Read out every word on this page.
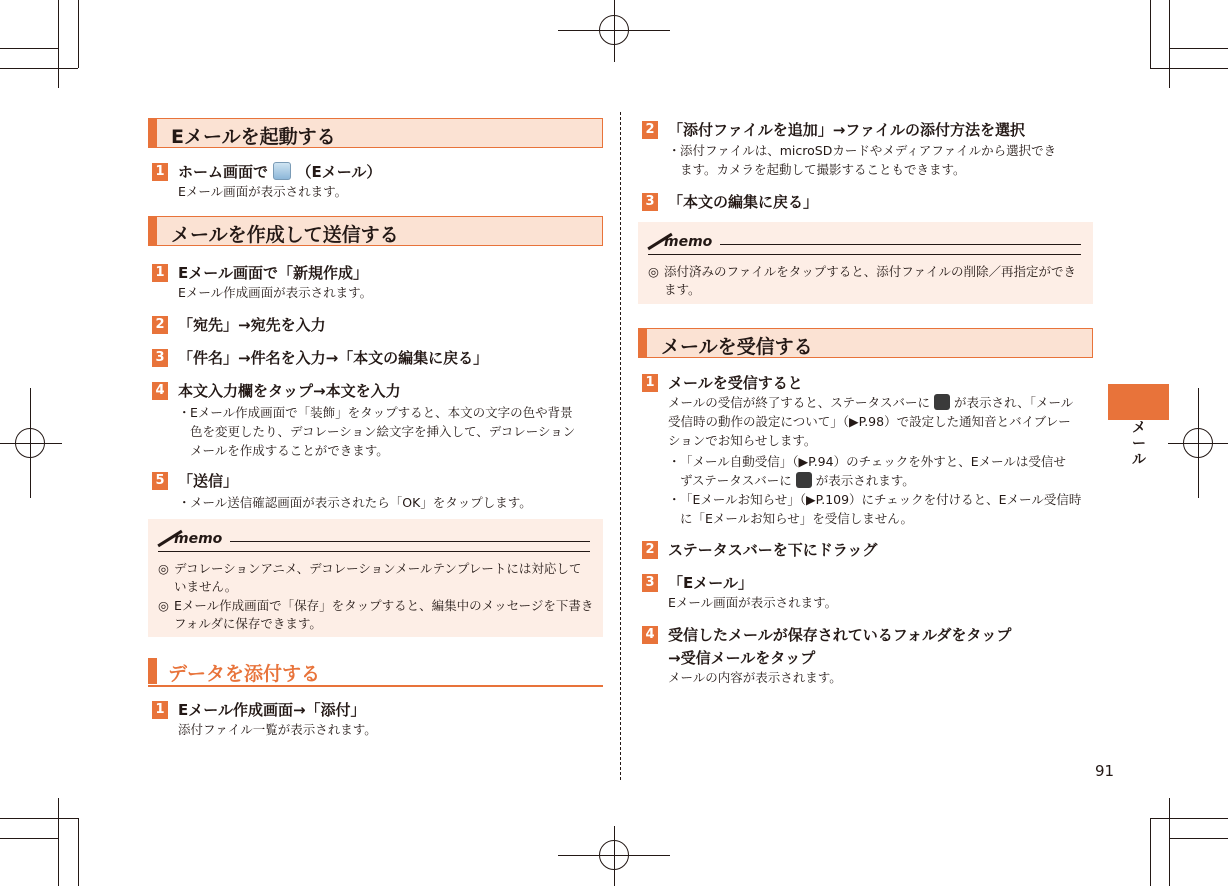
メール
91
Eメールを起動する
1 ホーム画面で （Eメール）
Eメール画面が表示されます。
メールを作成して送信する
1 Eメール画面で「新規作成」
Eメール作成画面が表示されます。
2 「宛先」→宛先を入力
3 「件名」→件名を入力→「本文の編集に戻る」
4 本文入力欄をタップ→本文を入力
・ Eメール作成画面で「装飾」をタップすると、本文の文字の色や背景
色を変更したり、デコレーション絵文字を挿入して、デコレーション
メールを作成することができます。
5 「送信」
・ メール送信確認画面が表示されたら「OK」をタップします。
memo
◎ デコレーションアニメ、デコレーションメールテンプレートには対応して
いません。
◎ Eメール作成画面で「保存」をタップすると、編集中のメッセージを下書き
フォルダに保存できます。
データを添付する
1 Eメール作成画面→「添付」
添付ファイル一覧が表示されます。
2 「添付ファイルを追加」→ファイルの添付方法を選択
・ 添付ファイルは、microSDカードやメディアファイルから選択でき
ます。カメラを起動して撮影することもできます。
3 「本文の編集に戻る」
memo
◎ 添付済みのファイルをタップすると、添付ファイルの削除／再指定ができ
ます。
メールを受信する
1 メールを受信すると
メールの受信が終了すると、ステータスバーに が表示され、「メール
受信時の動作の設定について」（▶P.98）で設定した通知音とバイブレー
ションでお知らせします。
・ 「メール自動受信」（▶P.94）のチェックを外すと、Eメールは受信せ
ずステータスバーに が表示されます。
・ 「Eメールお知らせ」（▶P.109）にチェックを付けると、Eメール受信時
に「Eメールお知らせ」を受信しません。
2 ステータスバーを下にドラッグ
3 「Eメール」
Eメール画面が表示されます。
4 受信したメールが保存されているフォルダをタップ
→受信メールをタップ
メールの内容が表示されます。
